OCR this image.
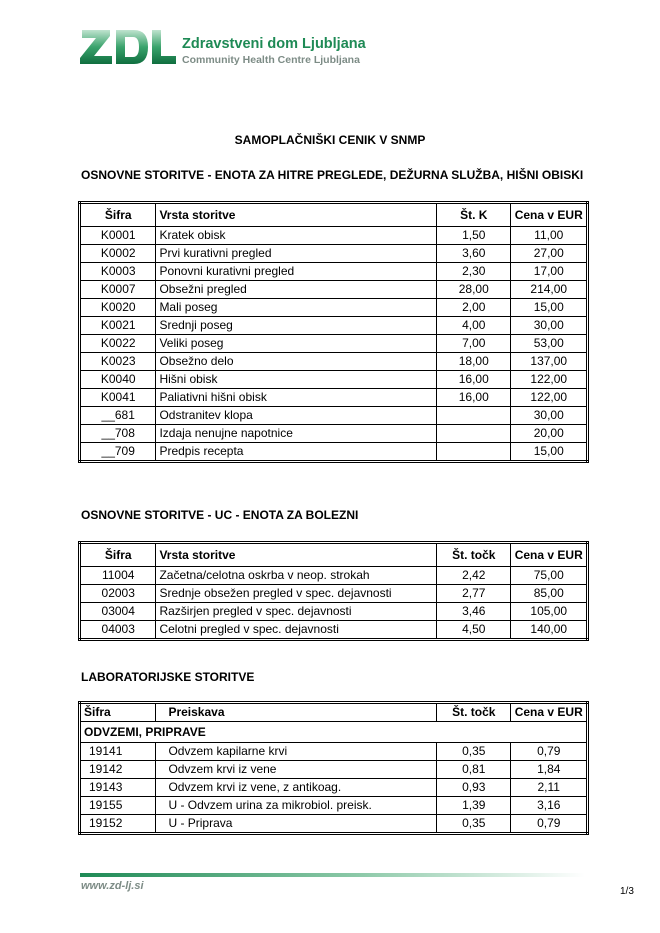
Zdravstveni dom Ljubljana
Community Health Centre Ljubljana
SAMOPLAČNIŠKI CENIK V SNMP
OSNOVNE STORITVE - ENOTA ZA HITRE PREGLEDE, DEŽURNA SLUŽBA, HIŠNI OBISKI
Šifra	Vrsta storitve	Št. K	Cena v EUR
K0001	Kratek obisk	1,50	11,00
K0002	Prvi kurativni pregled	3,60	27,00
K0003	Ponovni kurativni pregled	2,30	17,00
K0007	Obsežni pregled	28,00	214,00
K0020	Mali poseg	2,00	15,00
K0021	Srednji poseg	4,00	30,00
K0022	Veliki poseg	7,00	53,00
K0023	Obsežno delo	18,00	137,00
K0040	Hišni obisk	16,00	122,00
K0041	Paliativni hišni obisk	16,00	122,00
__681	Odstranitev klopa		30,00
__708	Izdaja nenujne napotnice		20,00
__709	Predpis recepta		15,00
OSNOVNE STORITVE - UC - ENOTA ZA BOLEZNI
Šifra	Vrsta storitve	Št. točk	Cena v EUR
11004	Začetna/celotna oskrba v neop. strokah	2,42	75,00
02003	Srednje obsežen pregled v spec. dejavnosti	2,77	85,00
03004	Razširjen pregled v spec. dejavnosti	3,46	105,00
04003	Celotni pregled v spec. dejavnosti	4,50	140,00
LABORATORIJSKE STORITVE
Šifra	Preiskava	Št. točk	Cena v EUR
ODVZEMI, PRIPRAVE			
19141	Odvzem kapilarne krvi	0,35	0,79
19142	Odvzem krvi iz vene	0,81	1,84
19143	Odvzem krvi iz vene, z antikoag.	0,93	2,11
19155	U - Odvzem urina za mikrobiol. preisk.	1,39	3,16
19152	U - Priprava	0,35	0,79
www.zd-lj.si	1/3
